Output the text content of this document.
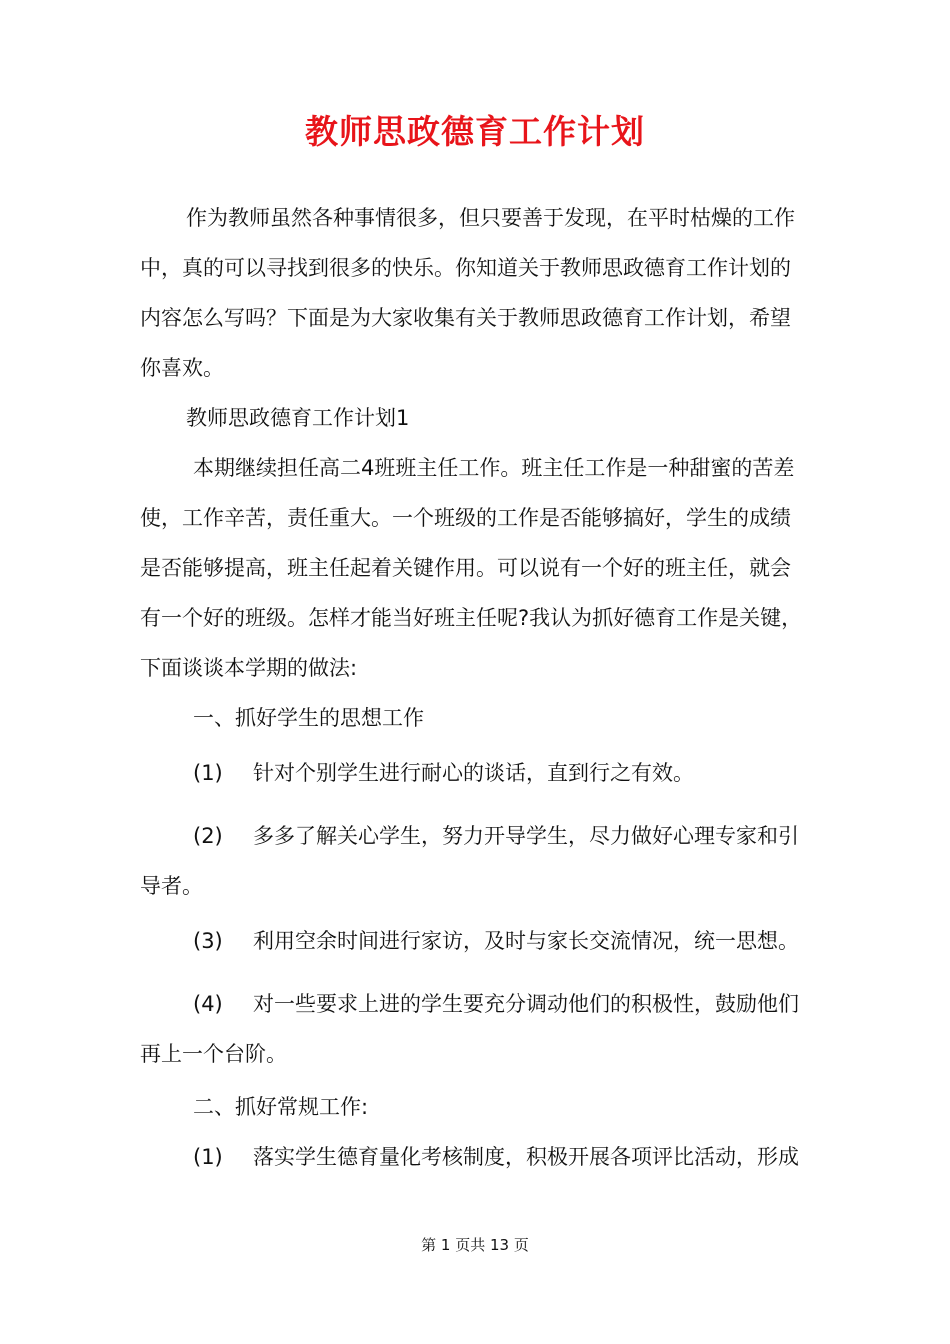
教师思政德育工作计划
作为教师虽然各种事情很多，但只要善于发现，在平时枯燥的工作
中，真的可以寻找到很多的快乐。你知道关于教师思政德育工作计划的
内容怎么写吗？下面是为大家收集有关于教师思政德育工作计划，希望
你喜欢。
教师思政德育工作计划1
本期继续担任高二4班班主任工作。班主任工作是一种甜蜜的苦差
使，工作辛苦，责任重大。一个班级的工作是否能够搞好，学生的成绩
是否能够提高，班主任起着关键作用。可以说有一个好的班主任，就会
有一个好的班级。怎样才能当好班主任呢?我认为抓好德育工作是关键，
下面谈谈本学期的做法:
一、抓好学生的思想工作
(1) 针对个别学生进行耐心的谈话，直到行之有效。
(2) 多多了解关心学生，努力开导学生，尽力做好心理专家和引
导者。
(3) 利用空余时间进行家访，及时与家长交流情况，统一思想。
(4) 对一些要求上进的学生要充分调动他们的积极性，鼓励他们
再上一个台阶。
二、抓好常规工作:
(1) 落实学生德育量化考核制度，积极开展各项评比活动，形成
第 1 页共 13 页
